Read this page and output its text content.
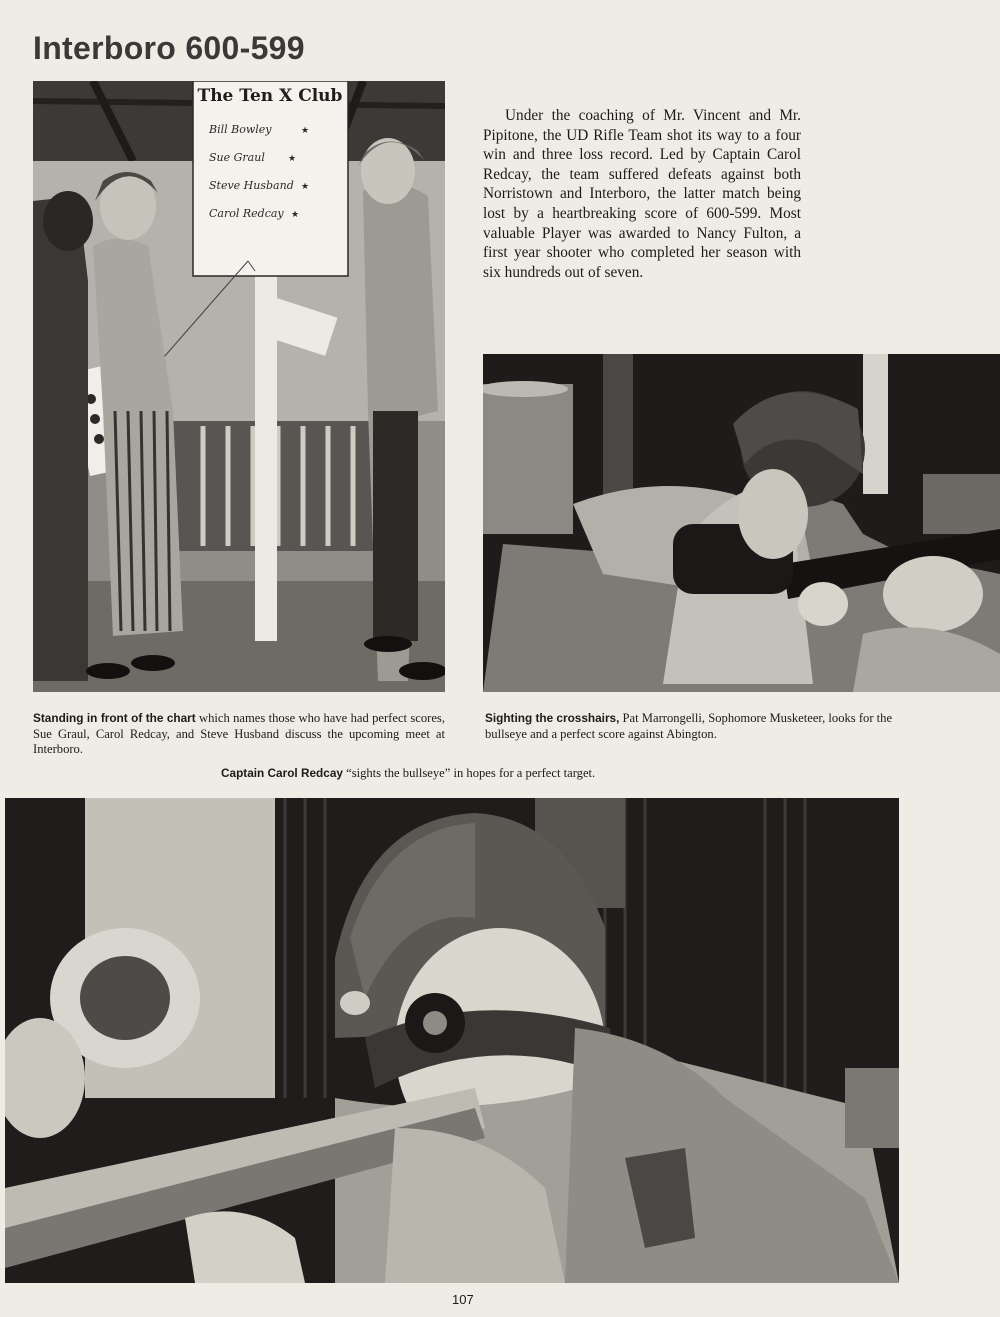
Interboro 600-599
The Ten X Club
Bill Bowley
Sue Graul
Steve Husband
Carol Redcay
★
★
★
★

Under the coaching of Mr. Vincent and Mr. Pipitone, the UD Rifle Team shot its way to a four win and three loss record. Led by Captain Carol Redcay, the team suffered defeats against both Norristown and Interboro, the latter match being lost by a heartbreaking score of 600-599. Most valuable Player was awarded to Nancy Fulton, a first year shooter who completed her season with six hundreds out of seven.

Standing in front of the chart which names those who have had perfect scores, Sue Graul, Carol Redcay, and Steve Husband discuss the upcoming meet at Interboro.

Sighting the crosshairs, Pat Marrongelli, Sophomore Musketeer, looks for the bullseye and a perfect score against Abington.

Captain Carol Redcay “sights the bullseye” in hopes for a perfect target.

107
